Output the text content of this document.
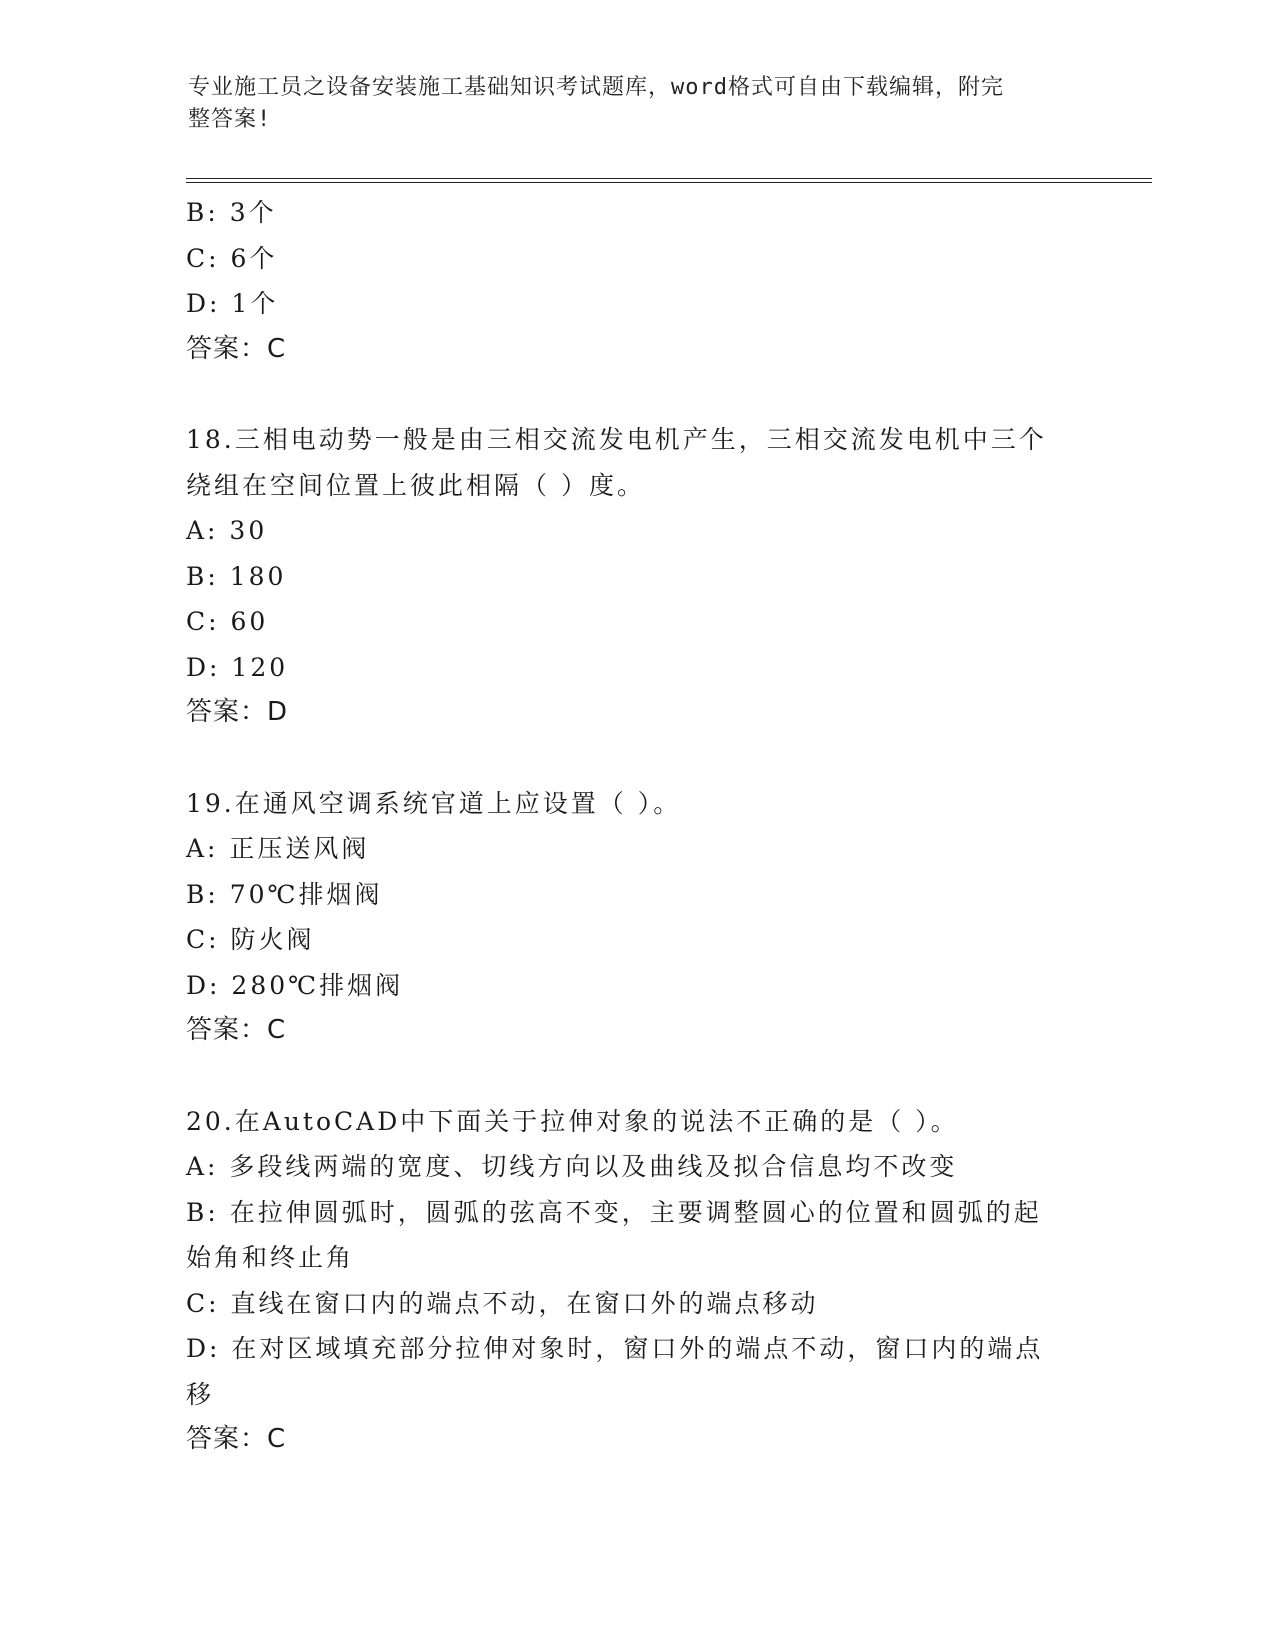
专业施工员之设备安装施工基础知识考试题库，word格式可自由下载编辑，附完
整答案!
B: 3个
C: 6个
D: 1个
答案：C
18.三相电动势一般是由三相交流发电机产生，三相交流发电机中三个
绕组在空间位置上彼此相隔（ ）度。
A: 30
B: 180
C: 60
D: 120
答案：D
19.在通风空调系统官道上应设置（ ）。
A: 正压送风阀
B: 70℃排烟阀
C: 防火阀
D: 280℃排烟阀
答案：C
20.在AutoCAD中下面关于拉伸对象的说法不正确的是（ ）。
A: 多段线两端的宽度、切线方向以及曲线及拟合信息均不改变
B: 在拉伸圆弧时，圆弧的弦高不变，主要调整圆心的位置和圆弧的起
始角和终止角
C: 直线在窗口内的端点不动，在窗口外的端点移动
D: 在对区域填充部分拉伸对象时，窗口外的端点不动，窗口内的端点
移
答案：C
